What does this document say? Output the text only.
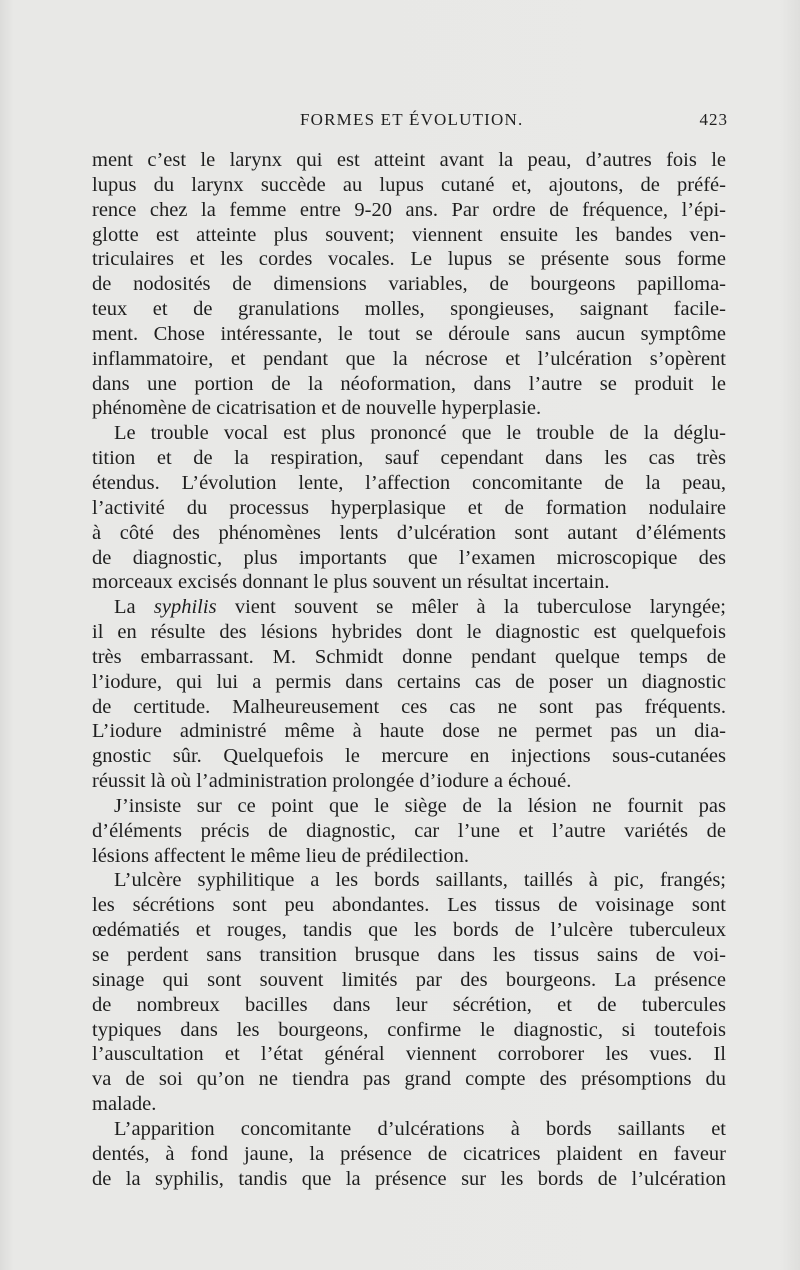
FORMES ET ÉVOLUTION.	423
ment c’est le larynx qui est atteint avant la peau, d’autres fois le
lupus du larynx succède au lupus cutané et, ajoutons, de préfé-
rence chez la femme entre 9-20 ans. Par ordre de fréquence, l’épi-
glotte est atteinte plus souvent; viennent ensuite les bandes ven-
triculaires et les cordes vocales. Le lupus se présente sous forme
de nodosités de dimensions variables, de bourgeons papilloma-
teux et de granulations molles, spongieuses, saignant facile-
ment. Chose intéressante, le tout se déroule sans aucun symptôme
inflammatoire, et pendant que la nécrose et l’ulcération s’opèrent
dans une portion de la néoformation, dans l’autre se produit le
phénomène de cicatrisation et de nouvelle hyperplasie.
Le trouble vocal est plus prononcé que le trouble de la déglu-
tition et de la respiration, sauf cependant dans les cas très
étendus. L’évolution lente, l’affection concomitante de la peau,
l’activité du processus hyperplasique et de formation nodulaire
à côté des phénomènes lents d’ulcération sont autant d’éléments
de diagnostic, plus importants que l’examen microscopique des
morceaux excisés donnant le plus souvent un résultat incertain.
La syphilis vient souvent se mêler à la tuberculose laryngée;
il en résulte des lésions hybrides dont le diagnostic est quelquefois
très embarrassant. M. Schmidt donne pendant quelque temps de
l’iodure, qui lui a permis dans certains cas de poser un diagnostic
de certitude. Malheureusement ces cas ne sont pas fréquents.
L’iodure administré même à haute dose ne permet pas un dia-
gnostic sûr. Quelquefois le mercure en injections sous-cutanées
réussit là où l’administration prolongée d’iodure a échoué.
J’insiste sur ce point que le siège de la lésion ne fournit pas
d’éléments précis de diagnostic, car l’une et l’autre variétés de
lésions affectent le même lieu de prédilection.
L’ulcère syphilitique a les bords saillants, taillés à pic, frangés;
les sécrétions sont peu abondantes. Les tissus de voisinage sont
œdématiés et rouges, tandis que les bords de l’ulcère tuberculeux
se perdent sans transition brusque dans les tissus sains de voi-
sinage qui sont souvent limités par des bourgeons. La présence
de nombreux bacilles dans leur sécrétion, et de tubercules
typiques dans les bourgeons, confirme le diagnostic, si toutefois
l’auscultation et l’état général viennent corroborer les vues. Il
va de soi qu’on ne tiendra pas grand compte des présomptions du
malade.
L’apparition concomitante d’ulcérations à bords saillants et
dentés, à fond jaune, la présence de cicatrices plaident en faveur
de la syphilis, tandis que la présence sur les bords de l’ulcération
